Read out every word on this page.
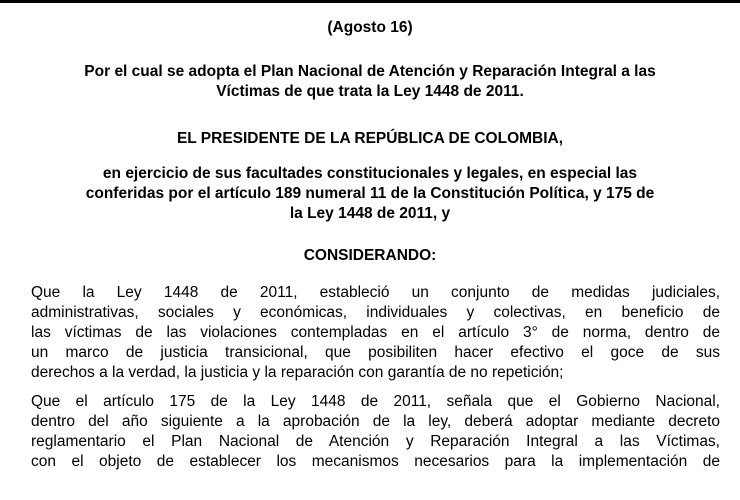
(Agosto 16)
Por el cual se adopta el Plan Nacional de Atención y Reparación Integral a las
Víctimas de que trata la Ley 1448 de 2011.
EL PRESIDENTE DE LA REPÚBLICA DE COLOMBIA,
en ejercicio de sus facultades constitucionales y legales, en especial las
conferidas por el artículo 189 numeral 11 de la Constitución Política, y 175 de
la Ley 1448 de 2011, y
CONSIDERANDO:
Que la Ley 1448 de 2011, estableció un conjunto de medidas judiciales,
administrativas, sociales y económicas, individuales y colectivas, en beneficio de
las víctimas de las violaciones contempladas en el artículo 3° de norma, dentro de
un marco de justicia transicional, que posibiliten hacer efectivo el goce de sus
derechos a la verdad, la justicia y la reparación con garantía de no repetición;
Que el artículo 175 de la Ley 1448 de 2011, señala que el Gobierno Nacional,
dentro del año siguiente a la aprobación de la ley, deberá adoptar mediante decreto
reglamentario el Plan Nacional de Atención y Reparación Integral a las Víctimas,
con el objeto de establecer los mecanismos necesarios para la implementación de
